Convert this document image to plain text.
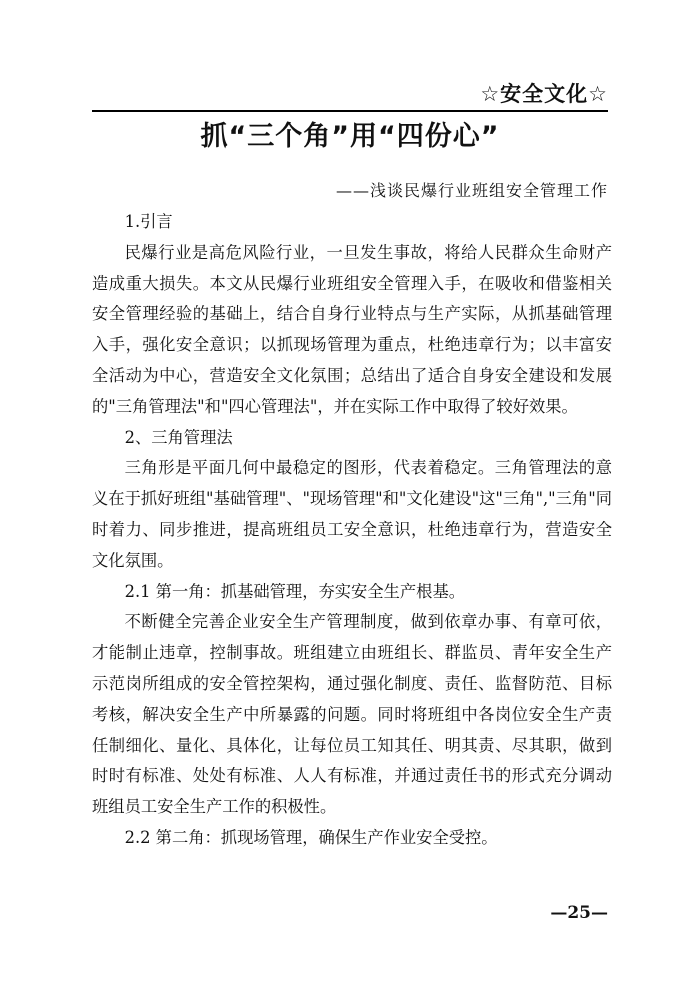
☆安全文化☆
抓“三个角”用“四份心”
——浅谈民爆行业班组安全管理工作

1.引言

民爆行业是高危风险行业，一旦发生事故，将给人民群众生命财产造成重大损失。本文从民爆行业班组安全管理入手，在吸收和借鉴相关安全管理经验的基础上，结合自身行业特点与生产实际，从抓基础管理入手，强化安全意识；以抓现场管理为重点，杜绝违章行为；以丰富安全活动为中心，营造安全文化氛围；总结出了适合自身安全建设和发展的"三角管理法"和"四心管理法"，并在实际工作中取得了较好效果。

2、三角管理法

三角形是平面几何中最稳定的图形，代表着稳定。三角管理法的意义在于抓好班组"基础管理"、"现场管理"和"文化建设"这"三角","三角"同时着力、同步推进，提高班组员工安全意识，杜绝违章行为，营造安全文化氛围。

2.1 第一角：抓基础管理，夯实安全生产根基。

不断健全完善企业安全生产管理制度，做到依章办事、有章可依，才能制止违章，控制事故。班组建立由班组长、群监员、青年安全生产示范岗所组成的安全管控架构，通过强化制度、责任、监督防范、目标考核，解决安全生产中所暴露的问题。同时将班组中各岗位安全生产责任制细化、量化、具体化，让每位员工知其任、明其责、尽其职，做到时时有标准、处处有标准、人人有标准，并通过责任书的形式充分调动班组员工安全生产工作的积极性。

2.2 第二角：抓现场管理，确保生产作业安全受控。

—25—
